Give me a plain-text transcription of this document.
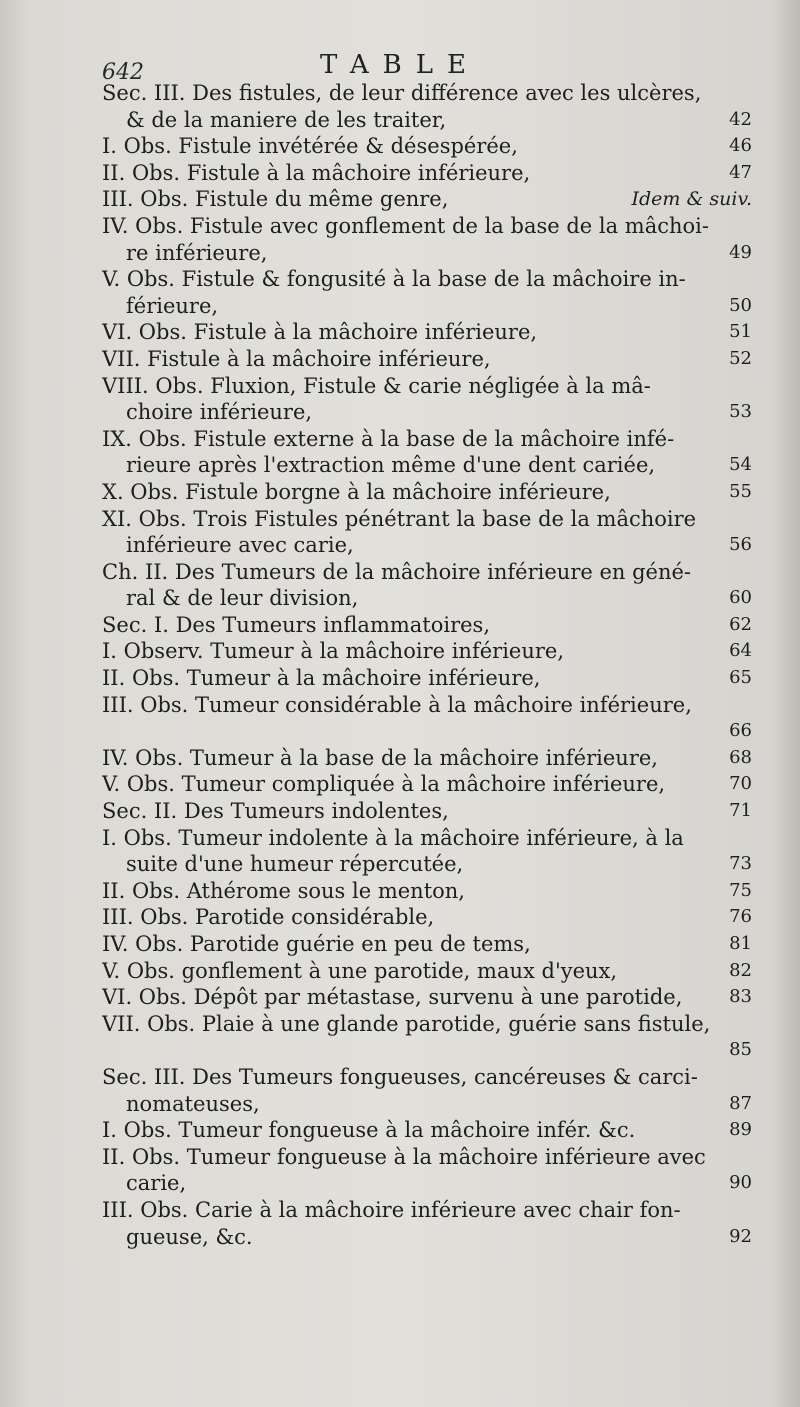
642	TABLE
Sec. III. Des fistules, de leur différence avec les ulcères,
& de la maniere de les traiter,	42
I. Obs. Fistule invétérée & désespérée,	46
II. Obs. Fistule à la mâchoire inférieure,	47
III. Obs. Fistule du même genre,	Idem & suiv.
IV. Obs. Fistule avec gonflement de la base de la mâchoi-
re inférieure,	49
V. Obs. Fistule & fongusité à la base de la mâchoire in-
férieure,	50
VI. Obs. Fistule à la mâchoire inférieure,	51
VII. Fistule à la mâchoire inférieure,	52
VIII. Obs. Fluxion, Fistule & carie négligée à la mâ-
choire inférieure,	53
IX. Obs. Fistule externe à la base de la mâchoire infé-
rieure après l'extraction même d'une dent cariée,	54
X. Obs. Fistule borgne à la mâchoire inférieure,	55
XI. Obs. Trois Fistules pénétrant la base de la mâchoire
inférieure avec carie,	56
Ch. II. Des Tumeurs de la mâchoire inférieure en géné-
ral & de leur division,	60
Sec. I. Des Tumeurs inflammatoires,	62
I. Observ. Tumeur à la mâchoire inférieure,	64
II. Obs. Tumeur à la mâchoire inférieure,	65
III. Obs. Tumeur considérable à la mâchoire inférieure,
66
IV. Obs. Tumeur à la base de la mâchoire inférieure,	68
V. Obs. Tumeur compliquée à la mâchoire inférieure,	70
Sec. II. Des Tumeurs indolentes,	71
I. Obs. Tumeur indolente à la mâchoire inférieure, à la
suite d'une humeur répercutée,	73
II. Obs. Athérome sous le menton,	75
III. Obs. Parotide considérable,	76
IV. Obs. Parotide guérie en peu de tems,	81
V. Obs. gonflement à une parotide, maux d'yeux,	82
VI. Obs. Dépôt par métastase, survenu à une parotide,	83
VII. Obs. Plaie à une glande parotide, guérie sans fistule,
85
Sec. III. Des Tumeurs fongueuses, cancéreuses & carci-
nomateuses,	87
I. Obs. Tumeur fongueuse à la mâchoire infér. &c.	89
II. Obs. Tumeur fongueuse à la mâchoire inférieure avec
carie,	90
III. Obs. Carie à la mâchoire inférieure avec chair fon-
gueuse, &c.	92
